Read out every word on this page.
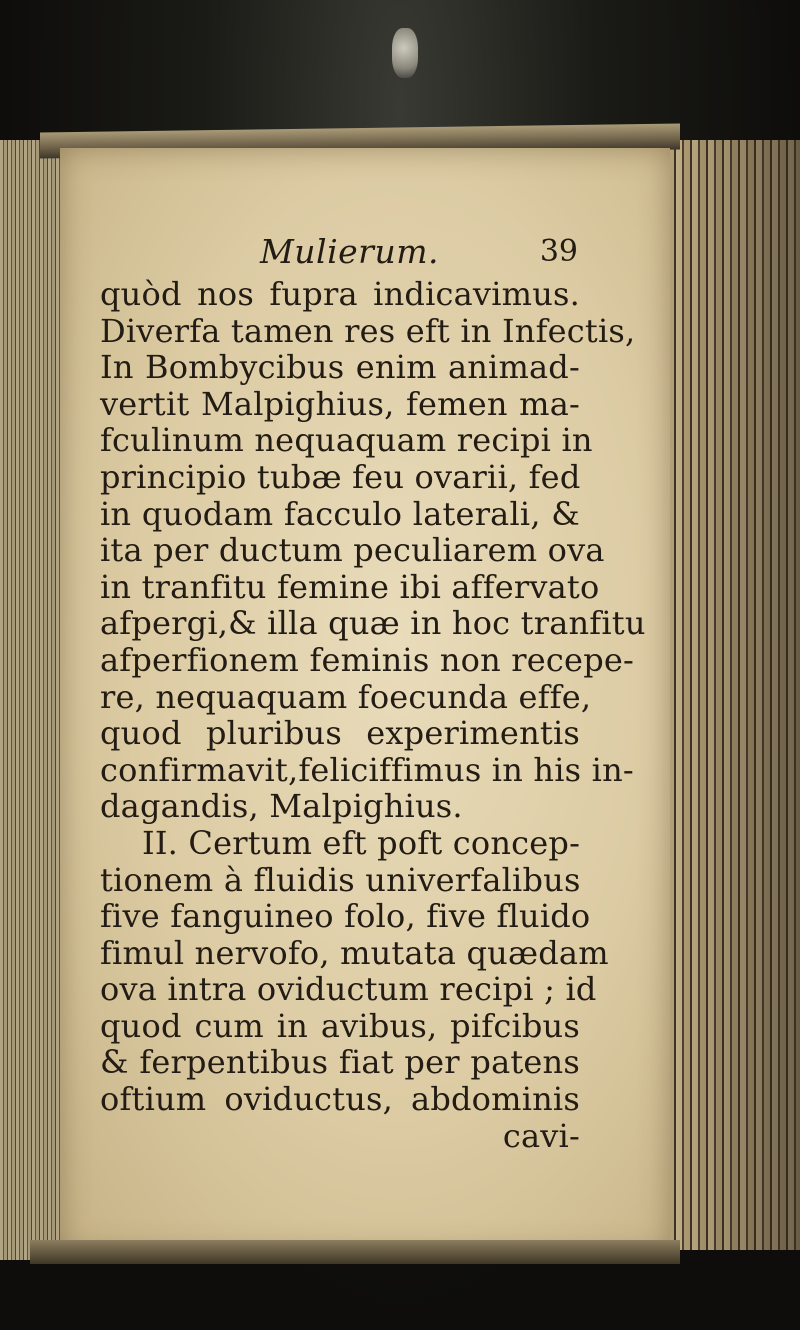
Mulierum.	39
quòd nos fupra indicavimus.
Diverfa tamen res eft in Infectis,
In Bombycibus enim animad-
vertit Malpighius, femen ma-
fculinum nequaquam recipi in
principio tubæ feu ovarii, fed
in quodam facculo laterali, &
ita per ductum peculiarem ova
in tranfitu femine ibi affervato
afpergi,& illa quæ in hoc tranfitu
afperfionem feminis non recepe-
re, nequaquam foecunda effe,
quod pluribus experimentis
confirmavit,feliciffimus in his in-
dagandis, Malpighius.
II. Certum eft poft concep-
tionem à fluidis univerfalibus
five fanguineo folo, five fluido
fimul nervofo, mutata quædam
ova intra oviductum recipi ; id
quod cum in avibus, pifcibus
& ferpentibus fiat per patens
oftium oviductus, abdominis
cavi-
